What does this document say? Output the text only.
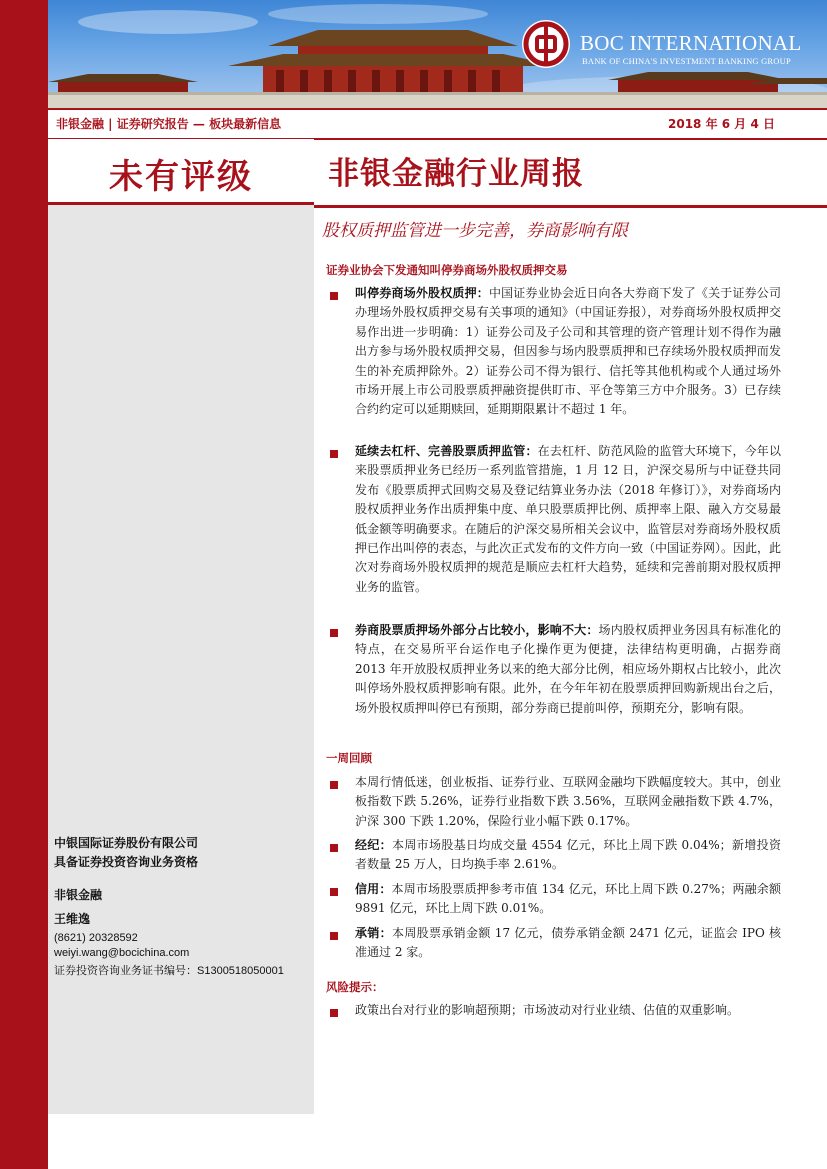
BOC INTERNATIONAL
BANK OF CHINA'S INVESTMENT BANKING GROUP
非银金融 | 证券研究报告 — 板块最新信息	2018 年 6 月 4 日
未有评级
中银国际证券股份有限公司
具备证券投资咨询业务资格
非银金融
王维逸
(8621) 20328592
weiyi.wang@bocichina.com
证券投资咨询业务证书编号：S1300518050001
非银金融行业周报
股权质押监管进一步完善，券商影响有限
证券业协会下发通知叫停券商场外股权质押交易
叫停券商场外股权质押：中国证券业协会近日向各大券商下发了《关于证券公司办理场外股权质押交易有关事项的通知》（中国证券报），对券商场外股权质押交易作出进一步明确：1）证券公司及子公司和其管理的资产管理计划不得作为融出方参与场外股权质押交易，但因参与场内股票质押和已存续场外股权质押而发生的补充质押除外。2）证券公司不得为银行、信托等其他机构或个人通过场外市场开展上市公司股票质押融资提供盯市、平仓等第三方中介服务。3）已存续合约约定可以延期赎回，延期期限累计不超过 1 年。
延续去杠杆、完善股票质押监管：在去杠杆、防范风险的监管大环境下，今年以来股票质押业务已经历一系列监管措施，1 月 12 日，沪深交易所与中证登共同发布《股票质押式回购交易及登记结算业务办法（2018 年修订）》，对券商场内股权质押业务作出质押集中度、单只股票质押比例、质押率上限、融入方交易最低金额等明确要求。在随后的沪深交易所相关会议中，监管层对券商场外股权质押已作出叫停的表态，与此次正式发布的文件方向一致（中国证券网）。因此，此次对券商场外股权质押的规范是顺应去杠杆大趋势，延续和完善前期对股权质押业务的监管。
券商股票质押场外部分占比较小，影响不大：场内股权质押业务因具有标准化的特点，在交易所平台运作电子化操作更为便捷，法律结构更明确，占据券商 2013 年开放股权质押业务以来的绝大部分比例，相应场外期权占比较小，此次叫停场外股权质押影响有限。此外，在今年年初在股票质押回购新规出台之后，场外股权质押叫停已有预期，部分券商已提前叫停，预期充分，影响有限。
一周回顾
本周行情低迷，创业板指、证券行业、互联网金融均下跌幅度较大。其中，创业板指数下跌 5.26%，证券行业指数下跌 3.56%，互联网金融指数下跌 4.7%，沪深 300 下跌 1.20%，保险行业小幅下跌 0.17%。
经纪：本周市场股基日均成交量 4554 亿元，环比上周下跌 0.04%；新增投资者数量 25 万人，日均换手率 2.61%。
信用：本周市场股票质押参考市值 134 亿元，环比上周下跌 0.27%；两融余额 9891 亿元，环比上周下跌 0.01%。
承销：本周股票承销金额 17 亿元，债券承销金额 2471 亿元，证监会 IPO 核准通过 2 家。
风险提示：
政策出台对行业的影响超预期；市场波动对行业业绩、估值的双重影响。
